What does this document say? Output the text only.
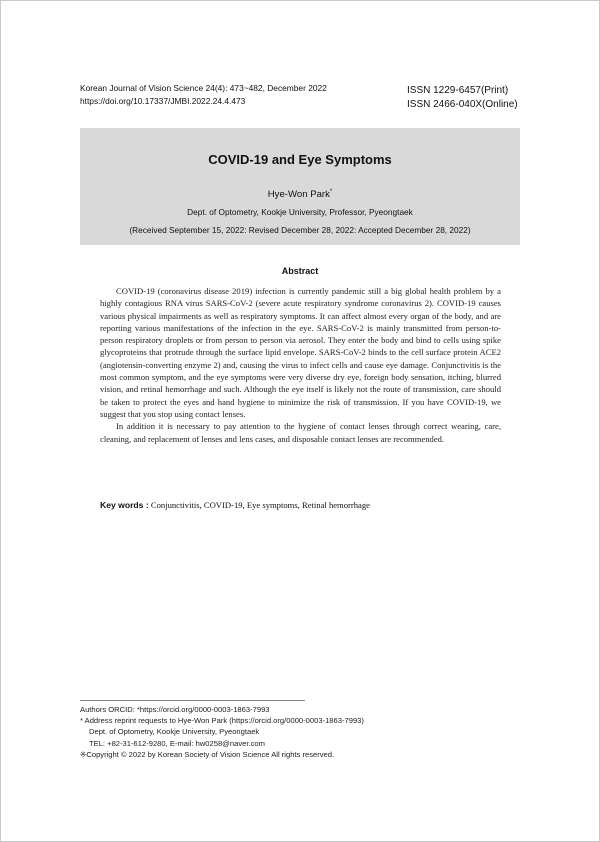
Korean Journal of Vision Science 24(4): 473~482, December 2022
https://doi.org/10.17337/JMBI.2022.24.4.473
ISSN 1229-6457(Print)
ISSN 2466-040X(Online)
COVID-19 and Eye Symptoms
Hye-Won Park*
Dept. of Optometry, Kookje University, Professor, Pyeongtaek
(Received September 15, 2022: Revised December 28, 2022: Accepted December 28, 2022)
Abstract

COVID-19 (coronavirus disease 2019) infection is currently pandemic still a big global health problem by a highly contagious RNA virus SARS-CoV-2 (severe acute respiratory syndrome coronavirus 2). COVID-19 causes various physical impairments as well as respiratory symptoms. It can affect almost every organ of the body, and are reporting various manifestations of the infection in the eye. SARS-CoV-2 is mainly transmitted from person-to-person respiratory droplets or from person to person via aerosol. They enter the body and bind to cells using spike glycoproteins that protrude through the surface lipid envelope. SARS-CoV-2 binds to the cell surface protein ACE2 (angiotensin-converting enzyme 2) and, causing the virus to infect cells and cause eye damage. Conjunctivitis is the most common symptom, and the eye symptoms were very diverse dry eye, foreign body sensation, itching, blurred vision, and retinal hemorrhage and such. Although the eye itself is likely not the route of transmission, care should be taken to protect the eyes and hand hygiene to minimize the risk of transmission. If you have COVID-19, we suggest that you stop using contact lenses.

In addition it is necessary to pay attention to the hygiene of contact lenses through correct wearing, care, cleaning, and replacement of lenses and lens cases, and disposable contact lenses are recommended.

Key words : Conjunctivitis, COVID-19, Eye symptoms, Retinal hemorrhage
Authors ORCID: *https://orcid.org/0000-0003-1863-7993
* Address reprint requests to Hye-Won Park (https://orcid.org/0000-0003-1863-7993)
Dept. of Optometry, Kookje University, Pyeongtaek
TEL: +82-31-612-9280, E-mail: hw0258@naver.com
※Copyright © 2022 by Korean Society of Vision Science All rights reserved.
